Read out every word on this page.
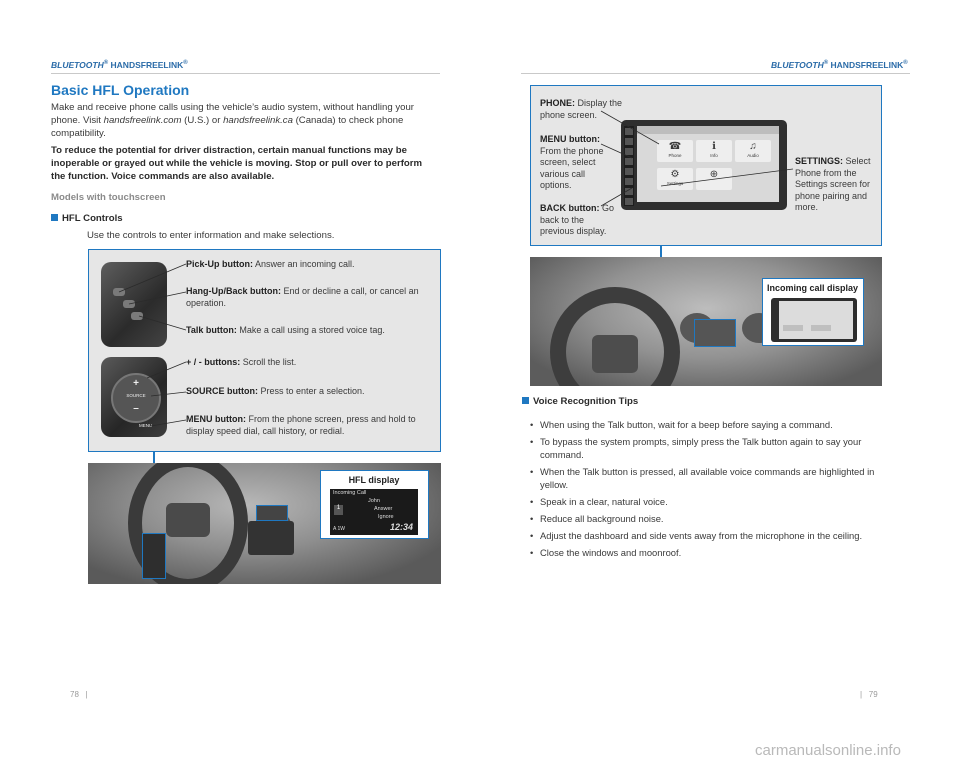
BLUETOOTH® HANDSFREELINK®
Basic HFL Operation
Make and receive phone calls using the vehicle’s audio system, without handling your phone. Visit handsfreelink.com (U.S.) or handsfreelink.ca (Canada) to check phone compatibility.
To reduce the potential for driver distraction, certain manual functions may be inoperable or grayed out while the vehicle is moving. Stop or pull over to perform the function. Voice commands are also available.
Models with touchscreen
HFL Controls
Use the controls to enter information and make selections.
+
SOURCE
–
MENU
Pick-Up button: Answer an incoming call.
Hang-Up/Back button: End or decline a call, or cancel an operation.
Talk button: Make a call using a stored voice tag.
+ / - buttons: Scroll the list.
SOURCE button: Press to enter a selection.
MENU button: From the phone screen, press and hold to display speed dial, call history, or redial.
HFL display
Incoming Call
John
1	Answer
Ignore
A 1W	12:34
78   |
BLUETOOTH® HANDSFREELINK®
PHONE: Display the phone screen.
MENU button: From the phone screen, select various call options.
BACK button: Go back to the previous display.
SETTINGS: Select Phone from the Settings screen for phone pairing and more.
☎
Phone
ℹ
Info
♫
Audio
⚙
Settings
⊕
Incoming call display
Voice Recognition Tips
• When using the Talk button, wait for a beep before saying a command.
• To bypass the system prompts, simply press the Talk button again to say your command.
• When the Talk button is pressed, all available voice commands are highlighted in yellow.
• Speak in a clear, natural voice.
• Reduce all background noise.
• Adjust the dashboard and side vents away from the microphone in the ceiling.
• Close the windows and moonroof.
|   79
carmanualsonline.info
